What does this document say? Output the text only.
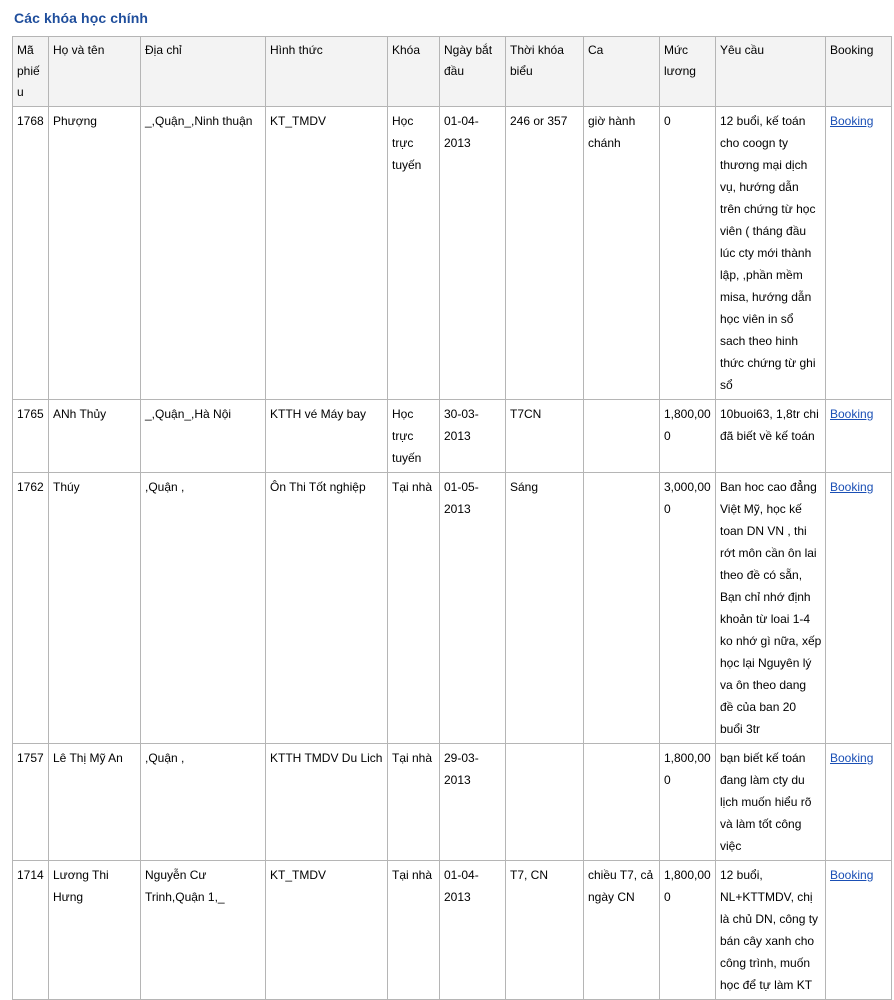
Các khóa học chính
Mã phiếu	Họ và tên	Địa chỉ	Hình thức	Khóa	Ngày bắt đầu	Thời khóa biểu	Ca	Mức lương	Yêu cầu	Booking
1768	Phượng	_,Quận_,Ninh thuận	KT_TMDV	Học trực tuyến	01-04-2013	246 or 357	giờ hành chánh	0	12 buổi, kế toán cho coogn ty thương mại dịch vụ, hướng dẫn trên chứng từ học viên ( tháng đầu lúc cty mới thành lập, ,phần mềm misa, hướng dẫn học viên in sổ sach theo hinh thức chứng từ ghi sổ	Booking
1765	ANh Thủy	_,Quận_,Hà Nội	KTTH vé Máy bay	Học trực tuyến	30-03-2013	T7CN		1,800,000	10buoi63, 1,8tr chi đã biết về kế toán	Booking
1762	Thúy	,Quận ,	Ôn Thi Tốt nghiệp	Tại nhà	01-05-2013	Sáng		3,000,000	Ban hoc cao đẳng Việt Mỹ, học kế toan DN VN , thi rớt môn cần ôn lai theo đề có sẵn, Bạn chỉ nhớ định khoản từ loai 1-4 ko nhớ gì nữa, xếp học lại Nguyên lý va ôn theo dang đề của ban 20 buổi 3tr	Booking
1757	Lê Thị Mỹ An	,Quận ,	KTTH TMDV Du Lich	Tại nhà	29-03-2013			1,800,000	bạn biết kế toán đang làm cty du lịch muốn hiểu rõ và làm tốt công việc	Booking
1714	Lương Thi Hưng	Nguyễn Cư Trinh,Quận 1,_	KT_TMDV	Tại nhà	01-04-2013	T7, CN	chiều T7, cả ngày CN	1,800,000	12 buổi, NL+KTTMDV, chị là chủ DN, công ty bán cây xanh cho công trình, muốn học để tự làm KT	Booking
